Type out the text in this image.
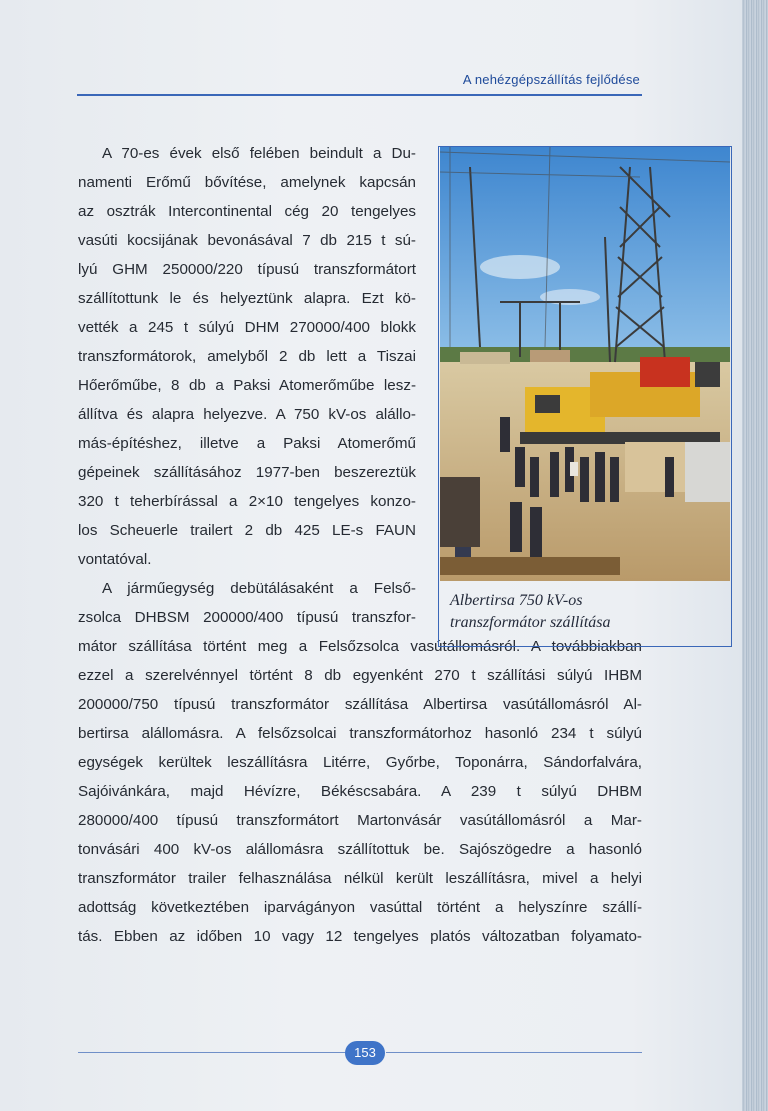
A nehézgépszállítás fejlődése
A 70-es évek első felében beindult a Du-
namenti Erőmű bővítése, amelynek kapcsán
az osztrák Intercontinental cég 20 tengelyes
vasúti kocsijának bevonásával 7 db 215 t sú-
lyú GHM 250000/220 típusú transzformátort
szállítottunk le és helyeztünk alapra. Ezt kö-
vették a 245 t súlyú DHM 270000/400 blokk
transzformátorok, amelyből 2 db lett a Tiszai
Hőerőműbe, 8 db a Paksi Atomerőműbe lesz-
állítva és alapra helyezve. A 750 kV-os alállo-
más-építéshez, illetve a Paksi Atomerőmű
gépeinek szállításához 1977-ben beszereztük
320 t teherbírással a 2×10 tengelyes konzo-
los Scheuerle trailert 2 db 425 LE-s FAUN
vontatóval.
A járműegység debütálásaként a Felső-
zsolca DHBSM 200000/400 típusú transzfor-
mátor szállítása történt meg a Felsőzsolca vasútállomásról. A továbbiakban
ezzel a szerelvénnyel történt 8 db egyenként 270 t szállítási súlyú IHBM
200000/750 típusú transzformátor szállítása Albertirsa vasútállomásról Al-
bertirsa alállomásra. A felsőzsolcai transzformátorhoz hasonló 234 t súlyú
egységek kerültek leszállításra Litérre, Győrbe, Toponárra, Sándorfalvára,
Sajóivánkára, majd Hévízre, Békéscsabára. A 239 t súlyú DHBM
280000/400 típusú transzformátort Martonvásár vasútállomásról a Mar-
tonvásári 400 kV-os alállomásra szállítottuk be. Sajószögedre a hasonló
transzformátor trailer felhasználása nélkül került leszállításra, mivel a helyi
adottság következtében iparvágányon vasúttal történt a helyszínre szállí-
tás. Ebben az időben 10 vagy 12 tengelyes platós változatban folyamato-
Albertirsa 750 kV-os
transzformátor szállítása
153
